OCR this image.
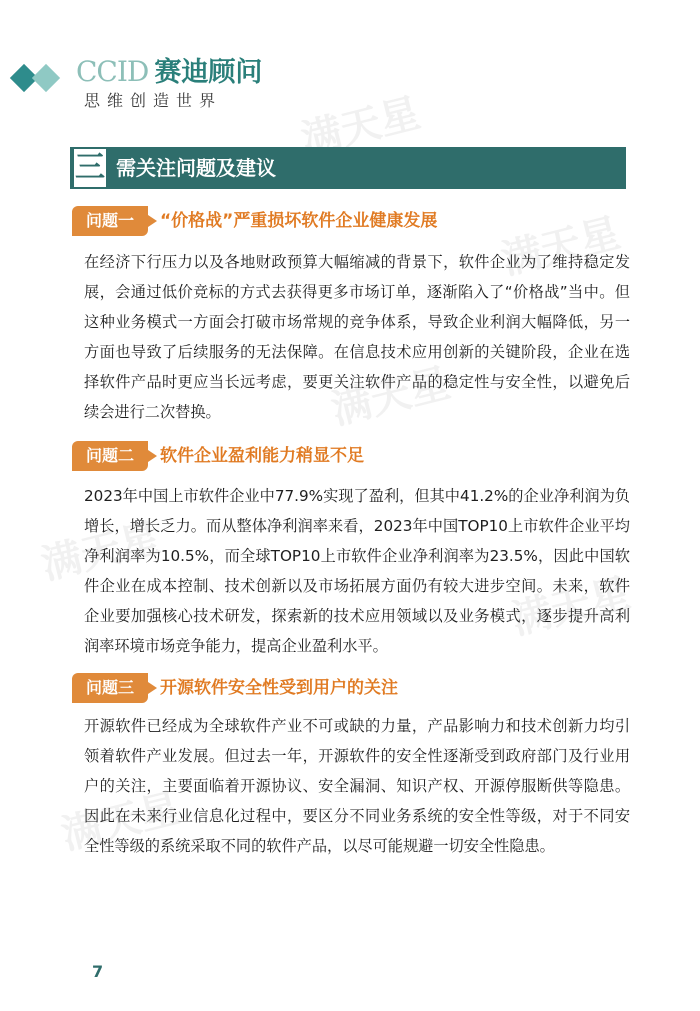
满天星
满天星
满天星
满天星
满天星
满天星
CCID 赛迪顾问
思维创造世界
三 需关注问题及建议
问题一	“价格战”严重损坏软件企业健康发展
在经济下行压力以及各地财政预算大幅缩减的背景下，软件企业为了维持稳定发展，会通过低价竞标的方式去获得更多市场订单，逐渐陷入了“价格战”当中。但这种业务模式一方面会打破市场常规的竞争体系，导致企业利润大幅降低，另一方面也导致了后续服务的无法保障。在信息技术应用创新的关键阶段，企业在选择软件产品时更应当长远考虑，要更关注软件产品的稳定性与安全性，以避免后续会进行二次替换。
问题二	软件企业盈利能力稍显不足
2023年中国上市软件企业中77.9%实现了盈利，但其中41.2%的企业净利润为负增长，增长乏力。而从整体净利润率来看，2023年中国TOP10上市软件企业平均净利润率为10.5%，而全球TOP10上市软件企业净利润率为23.5%，因此中国软件企业在成本控制、技术创新以及市场拓展方面仍有较大进步空间。未来，软件企业要加强核心技术研发，探索新的技术应用领域以及业务模式，逐步提升高利润率环境市场竞争能力，提高企业盈利水平。
问题三	开源软件安全性受到用户的关注
开源软件已经成为全球软件产业不可或缺的力量，产品影响力和技术创新力均引领着软件产业发展。但过去一年，开源软件的安全性逐渐受到政府部门及行业用户的关注，主要面临着开源协议、安全漏洞、知识产权、开源停服断供等隐患。因此在未来行业信息化过程中，要区分不同业务系统的安全性等级，对于不同安全性等级的系统采取不同的软件产品，以尽可能规避一切安全性隐患。
7
